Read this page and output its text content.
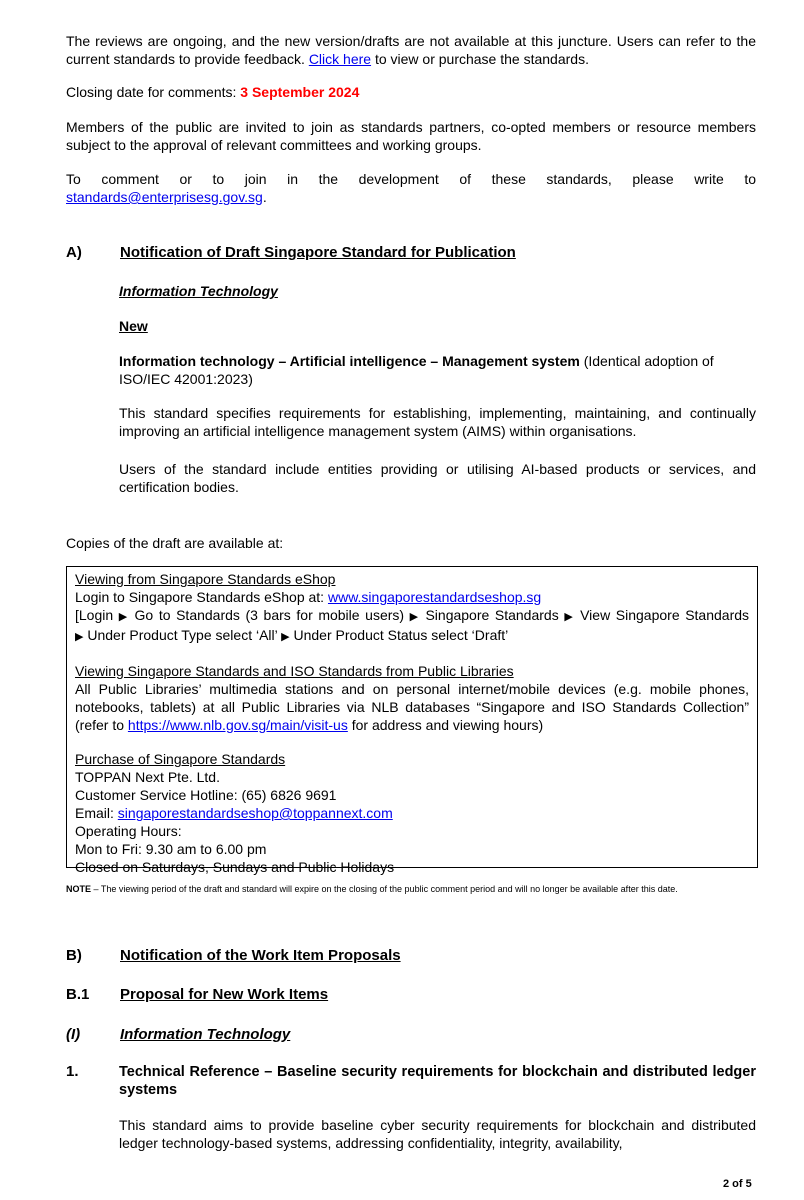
The reviews are ongoing, and the new version/drafts are not available at this juncture. Users can refer to the current standards to provide feedback. Click here to view or purchase the standards.

Closing date for comments: 3 September 2024

Members of the public are invited to join as standards partners, co-opted members or resource members subject to the approval of relevant committees and working groups.

To comment or to join in the development of these standards, please write to

standards@enterprisesg.gov.sg.

A)	Notification of Draft Singapore Standard for Publication
Information Technology
New

Information technology – Artificial intelligence – Management system (Identical adoption of ISO/IEC 42001:2023)

This standard specifies requirements for establishing, implementing, maintaining, and continually improving an artificial intelligence management system (AIMS) within organisations.

Users of the standard include entities providing or utilising AI-based products or services, and certification bodies.

Copies of the draft are available at:

Viewing from Singapore Standards eShop
Login to Singapore Standards eShop at: www.singaporestandardseshop.sg
[Login ▶ Go to Standards (3 bars for mobile users) ▶ Singapore Standards ▶ View Singapore Standards
▶ Under Product Type select ‘All’ ▶ Under Product Status select ‘Draft’
Viewing Singapore Standards and ISO Standards from Public Libraries
All Public Libraries’ multimedia stations and on personal internet/mobile devices (e.g. mobile phones, notebooks, tablets) at all Public Libraries via NLB databases “Singapore and ISO Standards Collection” (refer to https://www.nlb.gov.sg/main/visit-us for address and viewing hours)
Purchase of Singapore Standards
TOPPAN Next Pte. Ltd.
Customer Service Hotline: (65) 6826 9691
Email: singaporestandardseshop@toppannext.com
Operating Hours:
Mon to Fri: 9.30 am to 6.00 pm
Closed on Saturdays, Sundays and Public Holidays

NOTE – The viewing period of the draft and standard will expire on the closing of the public comment period and will no longer be available after this date.

B)	Notification of the Work Item Proposals
B.1 Proposal for New Work Items
(I)	Information Technology
1.	Technical Reference – Baseline security requirements for blockchain and distributed ledger systems

This standard aims to provide baseline cyber security requirements for blockchain and distributed ledger technology-based systems, addressing confidentiality, integrity, availability,

2 of 5
